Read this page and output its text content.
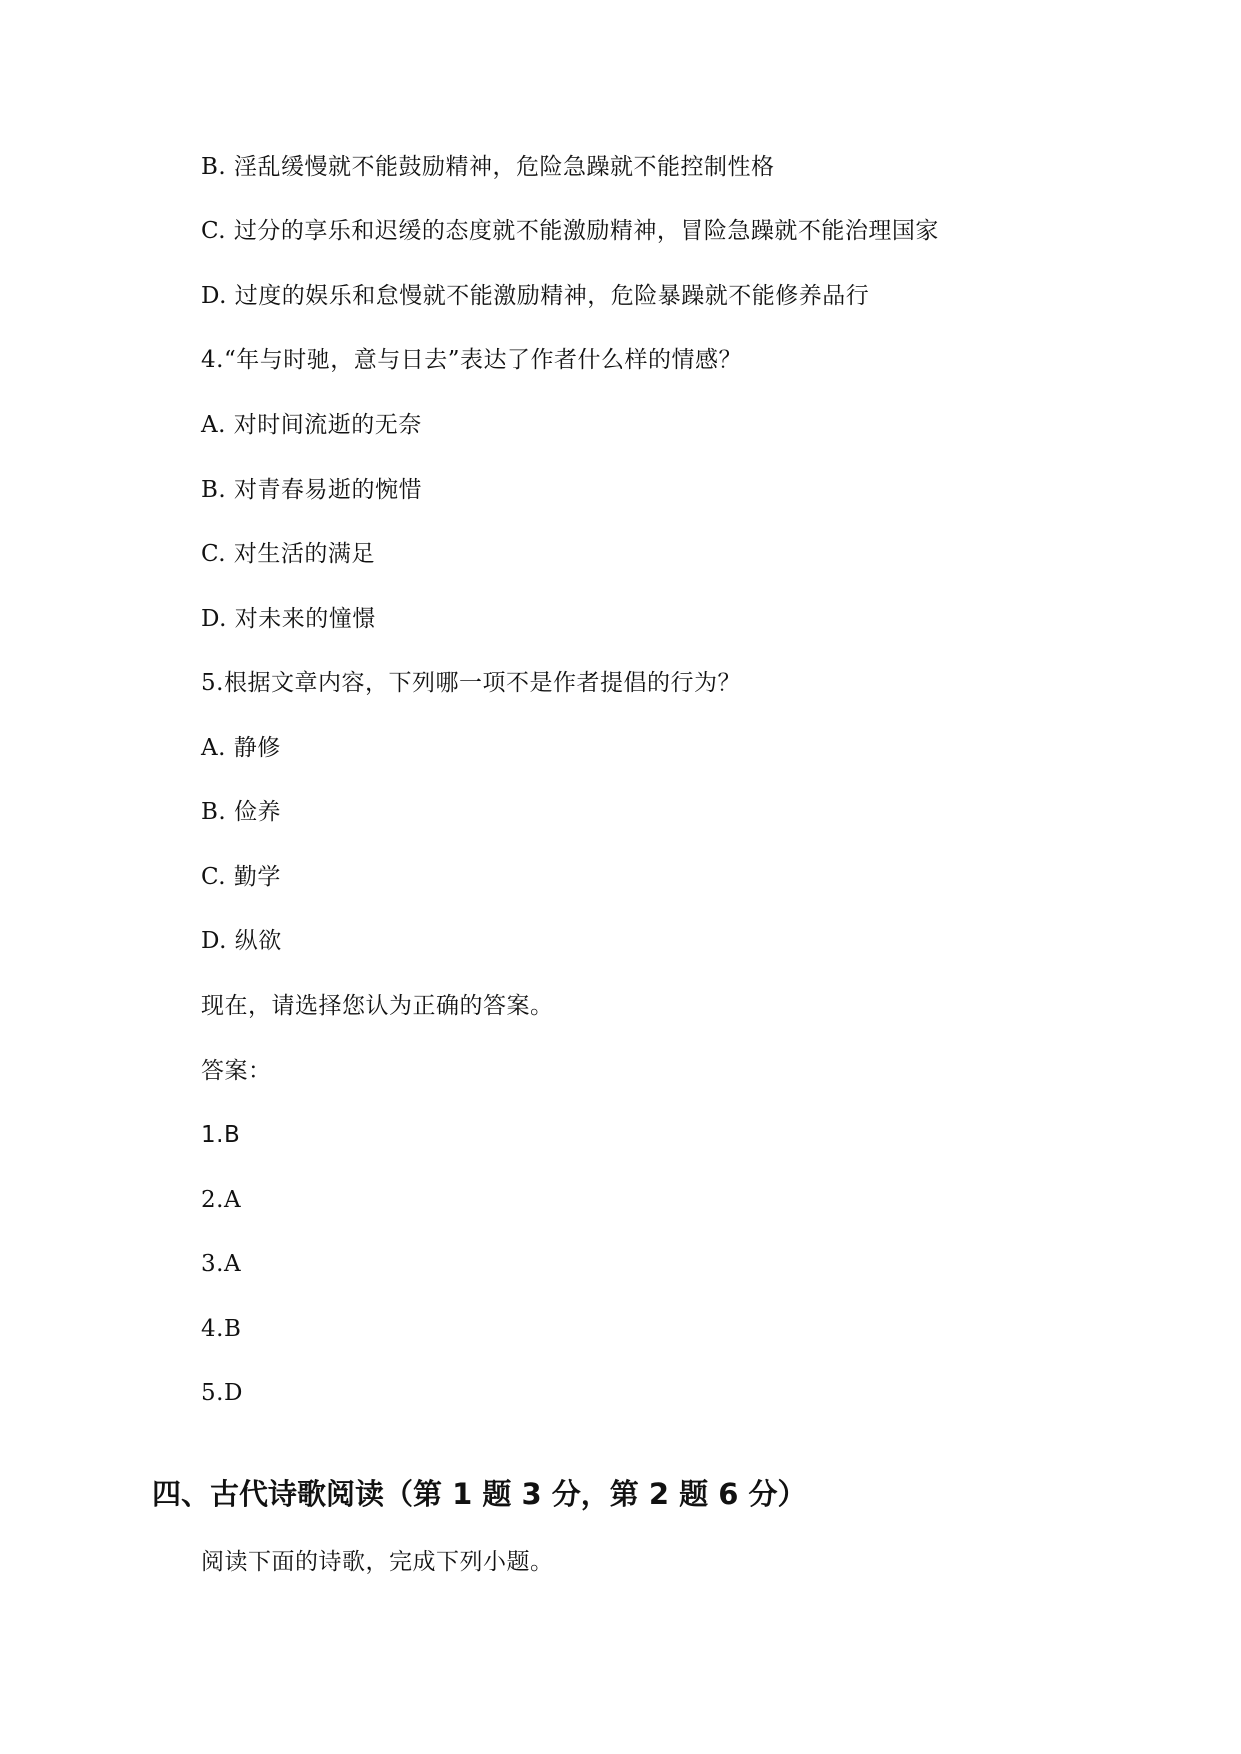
B. 淫乱缓慢就不能鼓励精神，危险急躁就不能控制性格
C. 过分的享乐和迟缓的态度就不能激励精神，冒险急躁就不能治理国家
D. 过度的娱乐和怠慢就不能激励精神，危险暴躁就不能修养品行
4.“年与时驰，意与日去”表达了作者什么样的情感？
A. 对时间流逝的无奈
B. 对青春易逝的惋惜
C. 对生活的满足
D. 对未来的憧憬
5.根据文章内容，下列哪一项不是作者提倡的行为？
A. 静修
B. 俭养
C. 勤学
D. 纵欲
现在，请选择您认为正确的答案。
答案：
1.B
2.A
3.A
4.B
5.D
四、古代诗歌阅读（第 1 题 3 分，第 2 题 6 分）
阅读下面的诗歌，完成下列小题。
